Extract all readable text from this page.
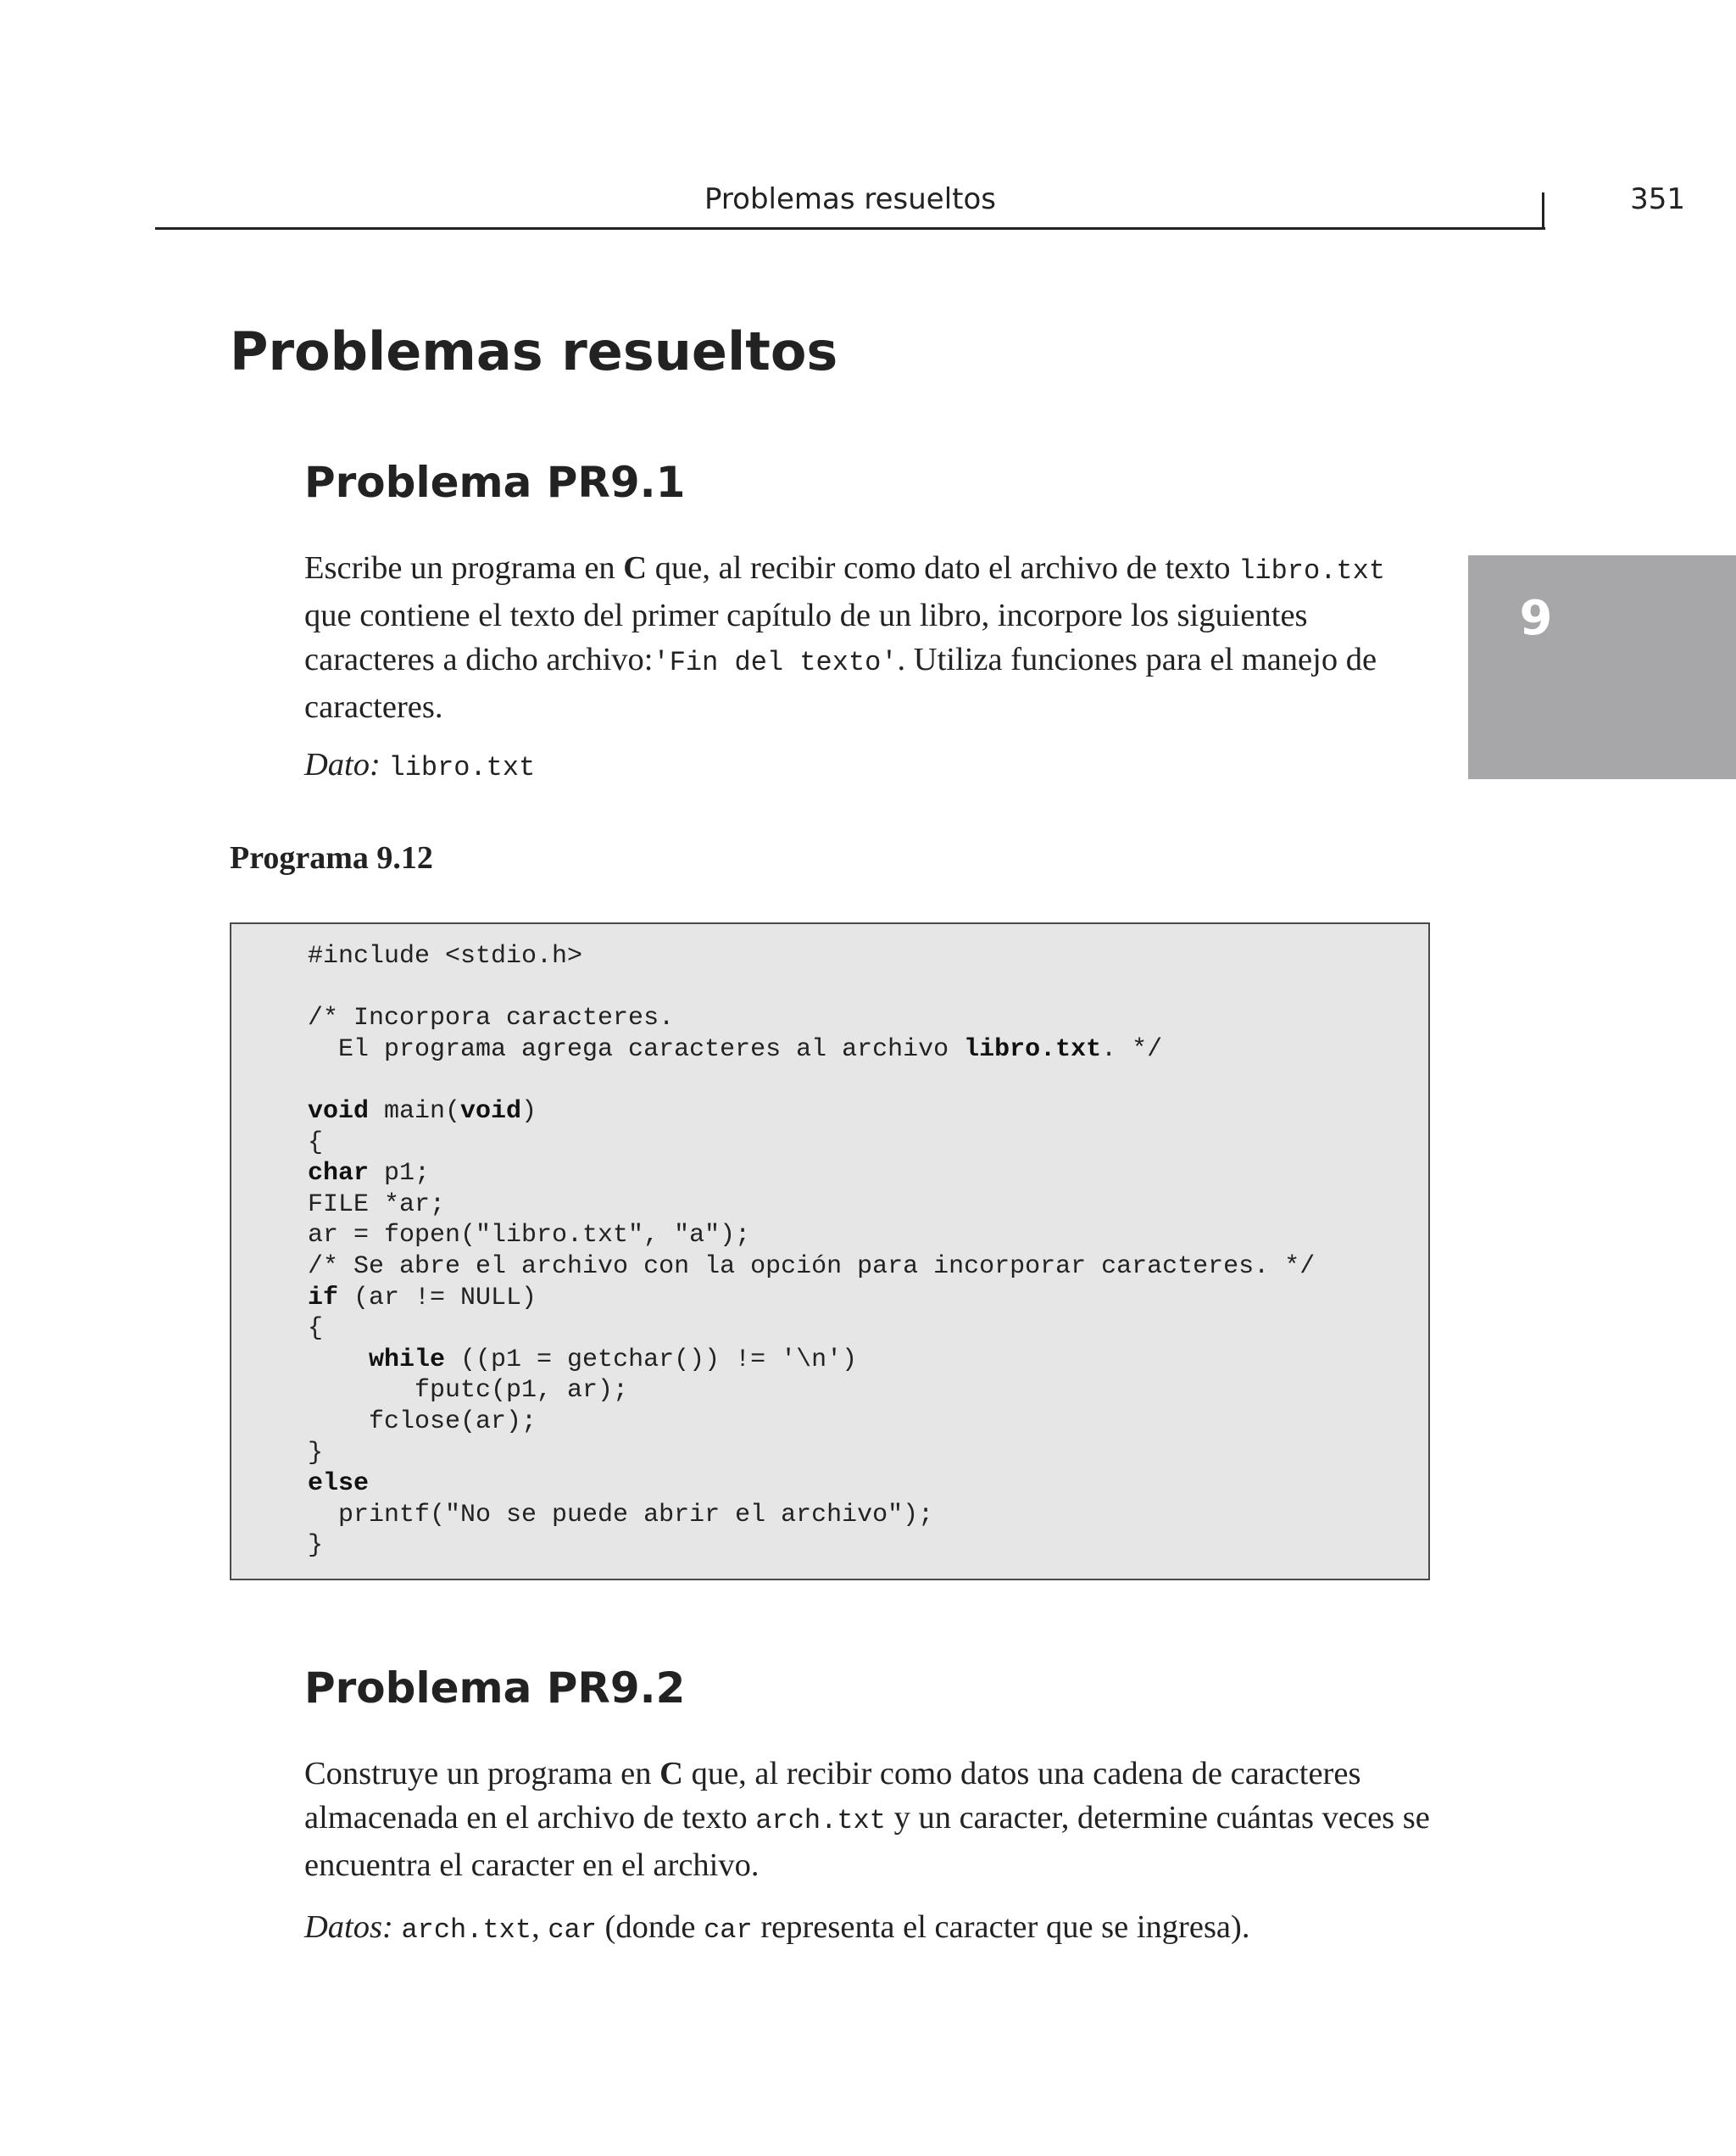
Problemas resueltos	351
Problemas resueltos
9
Problema PR9.1
Escribe un programa en C que, al recibir como dato el archivo de texto libro.txt que contiene el texto del primer capítulo de un libro, incorpore los siguientes caracteres a dicho archivo:'Fin del texto'. Utiliza funciones para el manejo de caracteres.
Dato: libro.txt
Programa 9.12
#include <stdio.h>
/* Incorpora caracteres.
El programa agrega caracteres al archivo libro.txt. */
void main(void)
{
char p1;
FILE *ar;
ar = fopen("libro.txt", "a");
/* Se abre el archivo con la opción para incorporar caracteres. */
if (ar != NULL)
{
while ((p1 = getchar()) != '\n')
fputc(p1, ar);
fclose(ar);
}
else
printf("No se puede abrir el archivo");
}
Problema PR9.2
Construye un programa en C que, al recibir como datos una cadena de caracteres almacenada en el archivo de texto arch.txt y un caracter, determine cuántas veces se encuentra el caracter en el archivo.
Datos: arch.txt, car (donde car representa el caracter que se ingresa).
